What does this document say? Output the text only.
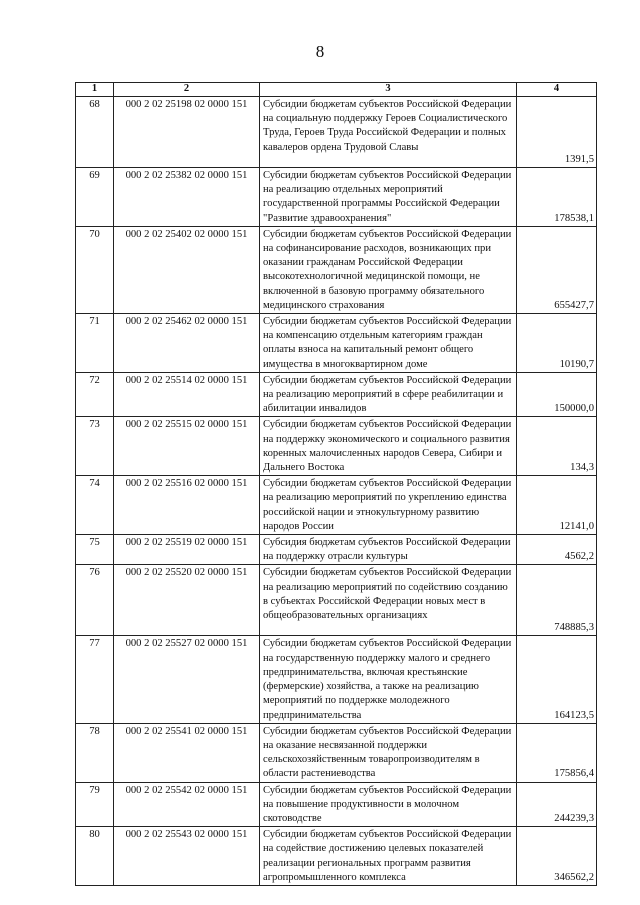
8
1	2	3	4
68	000 2 02 25198 02 0000 151	Субсидии бюджетам субъектов Российской Федерации на социальную поддержку Героев Социалистического Труда, Героев Труда Российской Федерации и полных кавалеров ордена Трудовой Славы	1391,5
69	000 2 02 25382 02 0000 151	Субсидии бюджетам субъектов Российской Федерации на реализацию отдельных мероприятий государственной программы Российской Федерации "Развитие здравоохранения"	178538,1
70	000 2 02 25402 02 0000 151	Субсидии бюджетам субъектов Российской Федерации на софинансирование расходов, возникающих при оказании гражданам Российской Федерации высокотехнологичной медицинской помощи, не включенной в базовую программу обязательного медицинского страхования	655427,7
71	000 2 02 25462 02 0000 151	Субсидии бюджетам субъектов Российской Федерации на компенсацию отдельным категориям граждан оплаты взноса на капитальный ремонт общего имущества в многоквартирном доме	10190,7
72	000 2 02 25514 02 0000 151	Субсидии бюджетам субъектов Российской Федерации на реализацию мероприятий в сфере реабилитации и абилитации инвалидов	150000,0
73	000 2 02 25515 02 0000 151	Субсидии бюджетам субъектов Российской Федерации на поддержку экономического и социального развития коренных малочисленных народов Севера, Сибири и Дальнего Востока	134,3
74	000 2 02 25516 02 0000 151	Субсидии бюджетам субъектов Российской Федерации на реализацию мероприятий по укреплению единства российской нации и этнокультурному развитию народов России	12141,0
75	000 2 02 25519 02 0000 151	Субсидия бюджетам субъектов Российской Федерации на поддержку отрасли культуры	4562,2
76	000 2 02 25520 02 0000 151	Субсидии бюджетам субъектов Российской Федерации на реализацию мероприятий по содействию созданию в субъектах Российской Федерации новых мест в общеобразовательных организациях	748885,3
77	000 2 02 25527 02 0000 151	Субсидии бюджетам субъектов Российской Федерации на государственную поддержку малого и среднего предпринимательства, включая крестьянские (фермерские) хозяйства, а также на реализацию мероприятий по поддержке молодежного предпринимательства	164123,5
78	000 2 02 25541 02 0000 151	Субсидии бюджетам субъектов Российской Федерации на оказание несвязанной поддержки сельскохозяйственным товаропроизводителям в области растениеводства	175856,4
79	000 2 02 25542 02 0000 151	Субсидии бюджетам субъектов Российской Федерации на повышение продуктивности в молочном скотоводстве	244239,3
80	000 2 02 25543 02 0000 151	Субсидии бюджетам субъектов Российской Федерации на содействие достижению целевых показателей реализации региональных программ развития агропромышленного комплекса	346562,2
